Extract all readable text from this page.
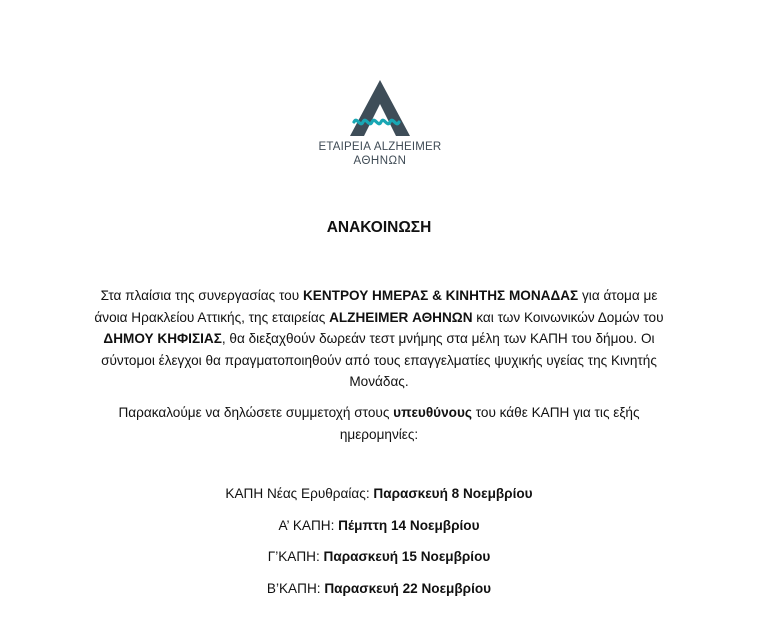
ΕΤΑΙΡΕΙΑ ALZHEIMER
ΑΘΗΝΩΝ
ΑΝΑΚΟΙΝΩΣΗ
Στα πλαίσια της συνεργασίας του ΚΕΝΤΡΟΥ ΗΜΕΡΑΣ & ΚΙΝΗΤΗΣ ΜΟΝΑΔΑΣ για άτομα με άνοια Ηρακλείου Αττικής, της εταιρείας ALZHEIMER ΑΘΗΝΩΝ και των Κοινωνικών Δομών του ΔΗΜΟΥ ΚΗΦΙΣΙΑΣ, θα διεξαχθούν δωρεάν τεστ μνήμης στα μέλη των ΚΑΠΗ του δήμου. Οι σύντομοι έλεγχοι θα πραγματοποιηθούν από τους επαγγελματίες ψυχικής υγείας της Κινητής Μονάδας.
Παρακαλούμε να δηλώσετε συμμετοχή στους υπευθύνους του κάθε ΚΑΠΗ για τις εξής ημερομηνίες:
ΚΑΠΗ Νέας Ερυθραίας: Παρασκευή 8 Νοεμβρίου
Α’ ΚΑΠΗ: Πέμπτη 14 Νοεμβρίου
Γ’ΚΑΠΗ: Παρασκευή 15 Νοεμβρίου
Β’ΚΑΠΗ: Παρασκευή 22 Νοεμβρίου
